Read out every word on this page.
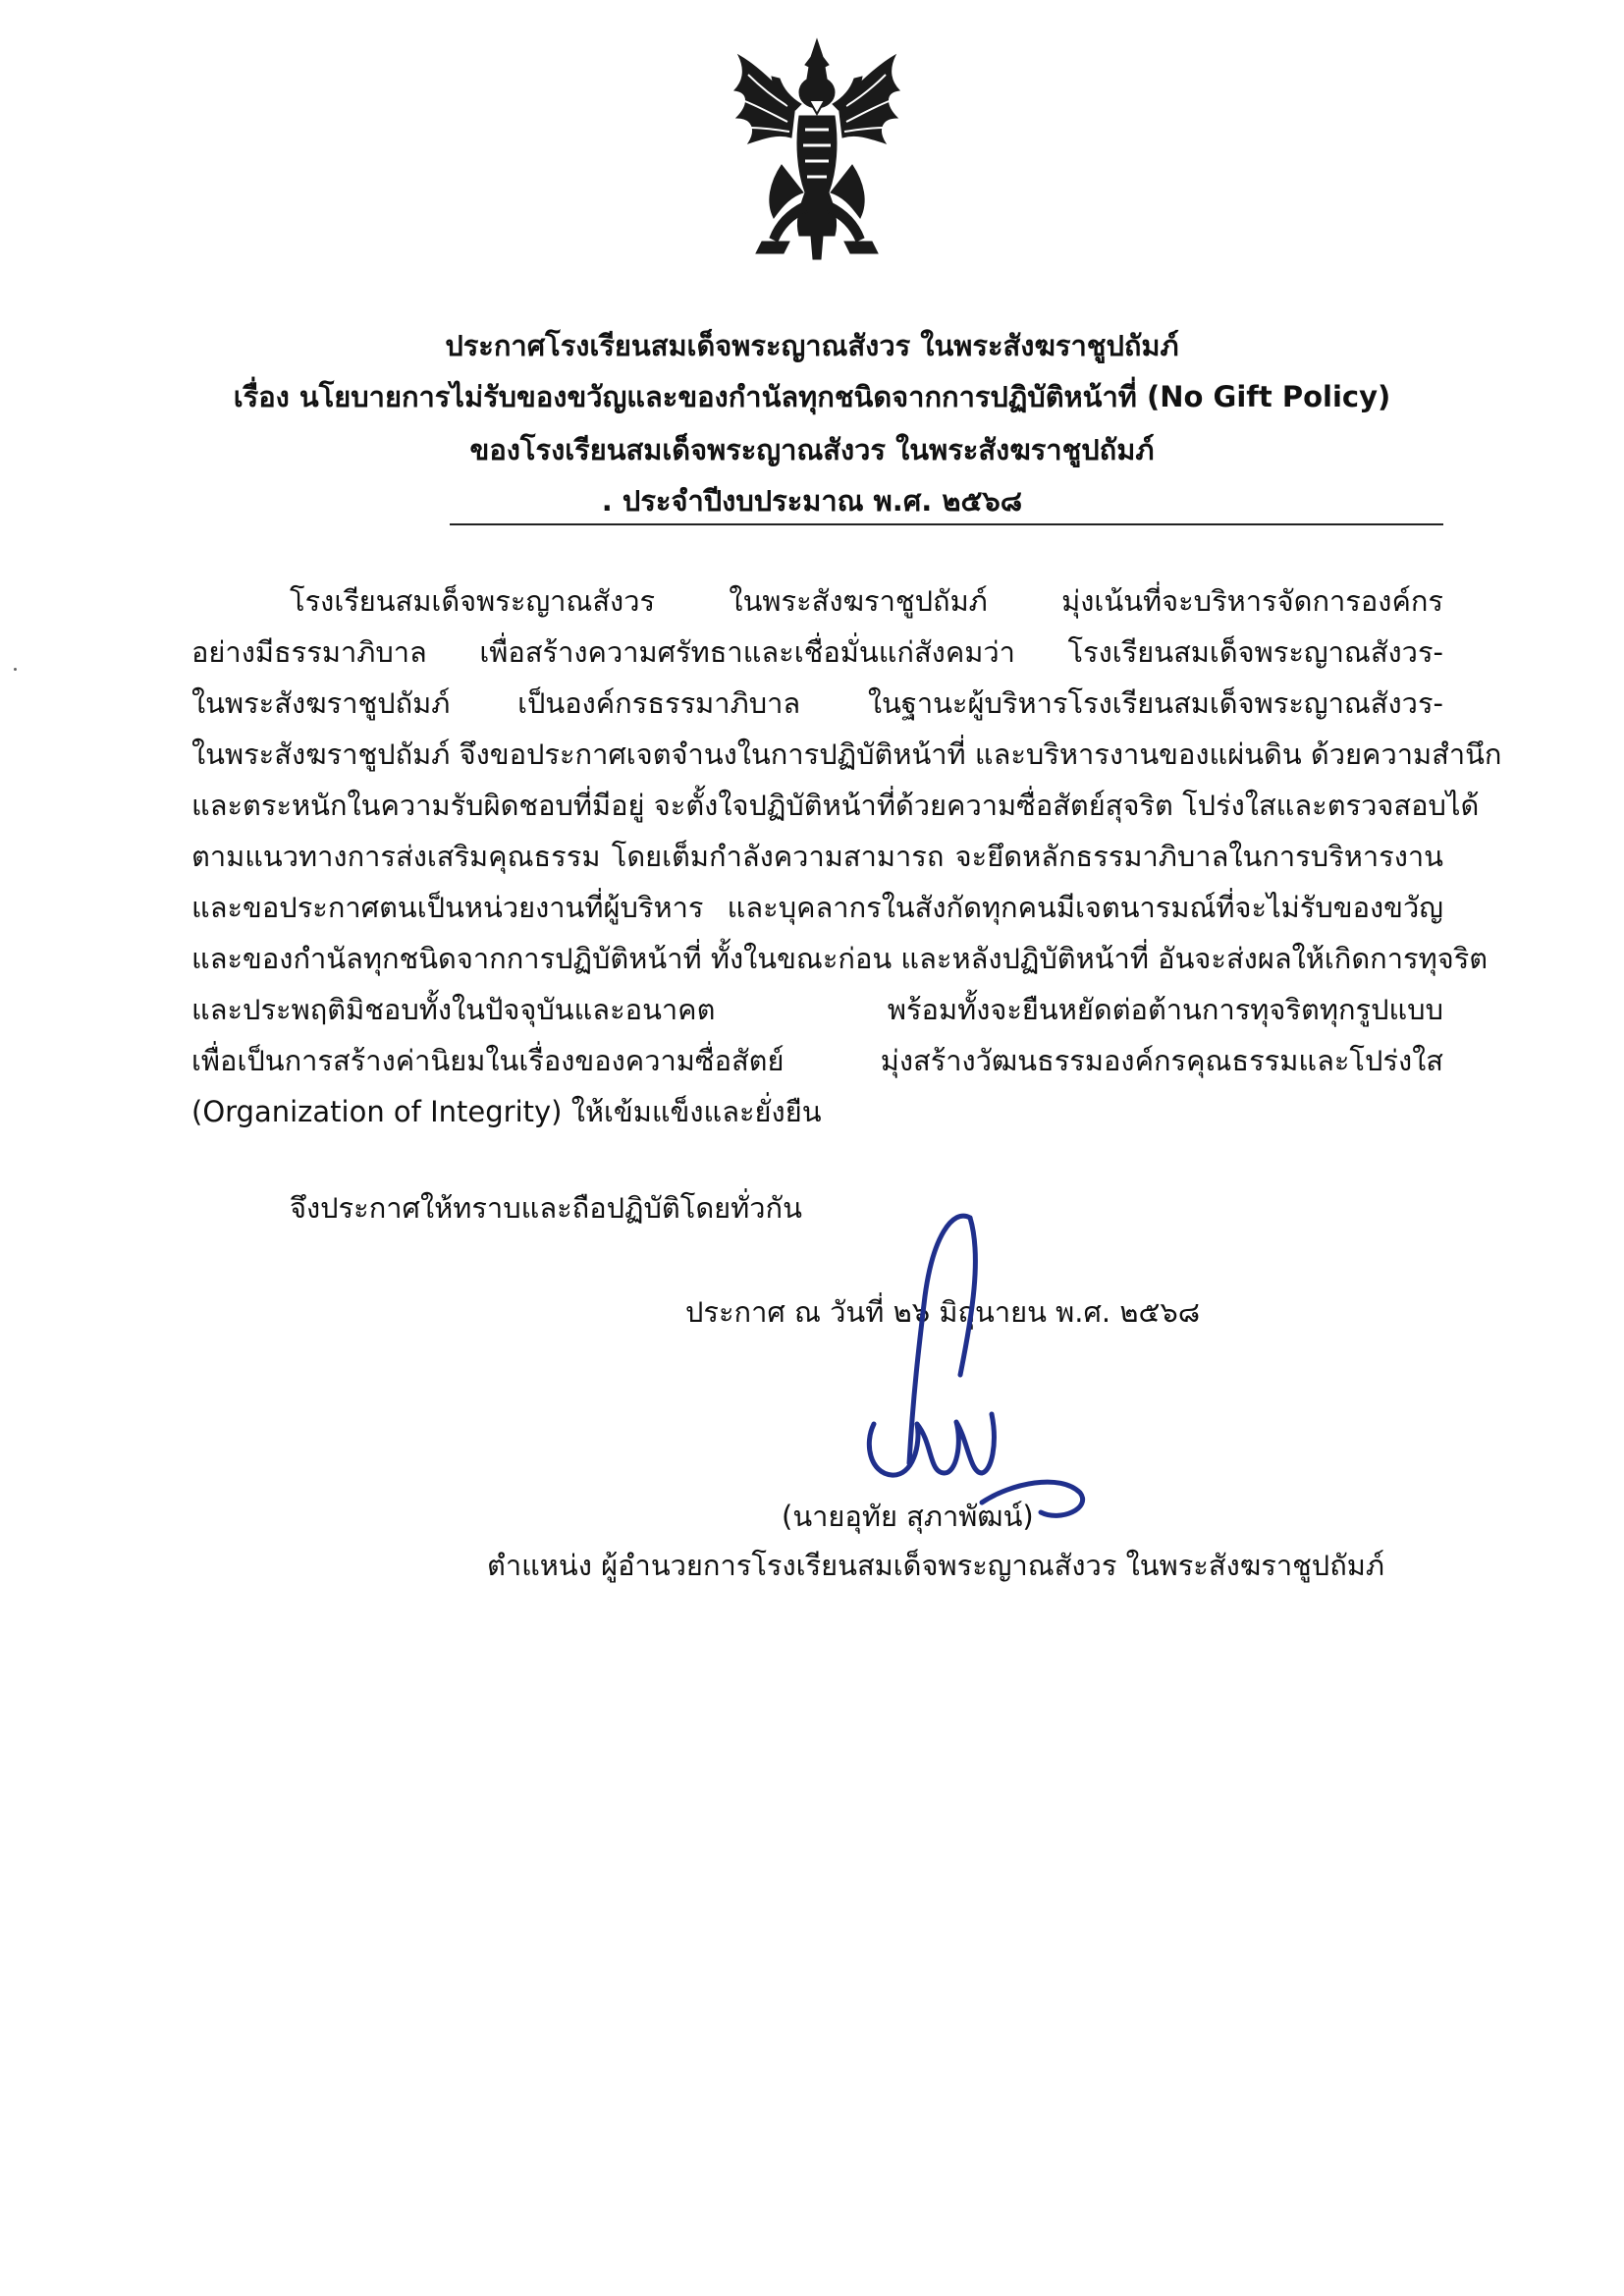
ประกาศโรงเรียนสมเด็จพระญาณสังวร ในพระสังฆราชูปถัมภ์
เรื่อง นโยบายการไม่รับของขวัญและของกำนัลทุกชนิดจากการปฏิบัติหน้าที่ (No Gift Policy)
ของโรงเรียนสมเด็จพระญาณสังวร ในพระสังฆราชูปถัมภ์
. ประจำปีงบประมาณ พ.ศ. ๒๕๖๘
โรงเรียนสมเด็จพระญาณสังวร ในพระสังฆราชูปถัมภ์ มุ่งเน้นที่จะบริหารจัดการองค์กร
อย่างมีธรรมาภิบาล เพื่อสร้างความศรัทธาและเชื่อมั่นแก่สังคมว่า โรงเรียนสมเด็จพระญาณสังวร-
ในพระสังฆราชูปถัมภ์ เป็นองค์กรธรรมาภิบาล ในฐานะผู้บริหารโรงเรียนสมเด็จพระญาณสังวร-
ในพระสังฆราชูปถัมภ์ จึงขอประกาศเจตจำนงในการปฏิบัติหน้าที่ และบริหารงานของแผ่นดิน ด้วยความสำนึก
และตระหนักในความรับผิดชอบที่มีอยู่ จะตั้งใจปฏิบัติหน้าที่ด้วยความซื่อสัตย์สุจริต โปร่งใสและตรวจสอบได้
ตามแนวทางการส่งเสริมคุณธรรม โดยเต็มกำลังความสามารถ จะยึดหลักธรรมาภิบาลในการบริหารงาน
และขอประกาศตนเป็นหน่วยงานที่ผู้บริหาร และบุคลากรในสังกัดทุกคนมีเจตนารมณ์ที่จะไม่รับของขวัญ
และของกำนัลทุกชนิดจากการปฏิบัติหน้าที่ ทั้งในขณะก่อน และหลังปฏิบัติหน้าที่ อันจะส่งผลให้เกิดการทุจริต
และประพฤติมิชอบทั้งในปัจจุบันและอนาคต พร้อมทั้งจะยืนหยัดต่อต้านการทุจริตทุกรูปแบบ
เพื่อเป็นการสร้างค่านิยมในเรื่องของความซื่อสัตย์ มุ่งสร้างวัฒนธรรมองค์กรคุณธรรมและโปร่งใส
(Organization of Integrity) ให้เข้มแข็งและยั่งยืน
จึงประกาศให้ทราบและถือปฏิบัติโดยทั่วกัน
ประกาศ ณ วันที่ ๒๖ มิถุนายน พ.ศ. ๒๕๖๘
(นายอุทัย สุภาพัฒน์)
ตำแหน่ง ผู้อำนวยการโรงเรียนสมเด็จพระญาณสังวร ในพระสังฆราชูปถัมภ์
